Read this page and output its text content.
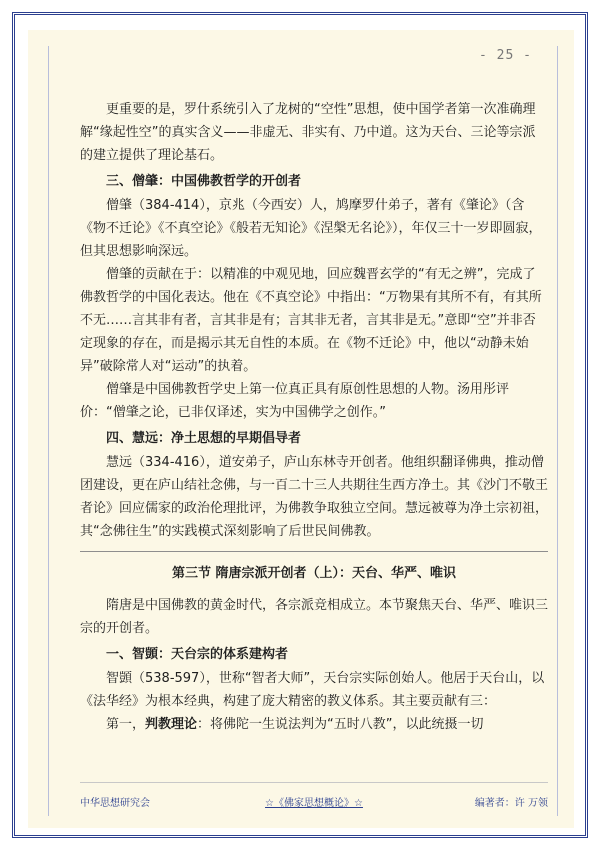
- 25 -

更重要的是，罗什系统引入了龙树的“空性”思想，使中国学者第一次准确理解“缘起性空”的真实含义——非虚无、非实有、乃中道。这为天台、三论等宗派的建立提供了理论基石。

三、僧肇：中国佛教哲学的开创者

僧肇（384-414），京兆（今西安）人，鸠摩罗什弟子，著有《肇论》（含《物不迁论》《不真空论》《般若无知论》《涅槃无名论》），年仅三十一岁即圆寂，但其思想影响深远。

僧肇的贡献在于：以精准的中观见地，回应魏晋玄学的“有无之辨”，完成了佛教哲学的中国化表达。他在《不真空论》中指出：“万物果有其所不有，有其所不无……言其非有者，言其非是有；言其非无者，言其非是无。”意即“空”并非否定现象的存在，而是揭示其无自性的本质。在《物不迁论》中，他以“动静未始异”破除常人对“运动”的执着。

僧肇是中国佛教哲学史上第一位真正具有原创性思想的人物。汤用彤评价：“僧肇之论，已非仅译述，实为中国佛学之创作。”

四、慧远：净土思想的早期倡导者

慧远（334-416），道安弟子，庐山东林寺开创者。他组织翻译佛典，推动僧团建设，更在庐山结社念佛，与一百二十三人共期往生西方净土。其《沙门不敬王者论》回应儒家的政治伦理批评，为佛教争取独立空间。慧远被尊为净土宗初祖，其“念佛往生”的实践模式深刻影响了后世民间佛教。

第三节 隋唐宗派开创者（上）：天台、华严、唯识

隋唐是中国佛教的黄金时代，各宗派竞相成立。本节聚焦天台、华严、唯识三宗的开创者。

一、智顗：天台宗的体系建构者

智顗（538-597），世称“智者大师”，天台宗实际创始人。他居于天台山，以《法华经》为根本经典，构建了庞大精密的教义体系。其主要贡献有三：

第一，判教理论：将佛陀一生说法判为“五时八教”，以此统摄一切

中华思想研究会	☆《佛家思想概论》☆	编著者：许 万领
